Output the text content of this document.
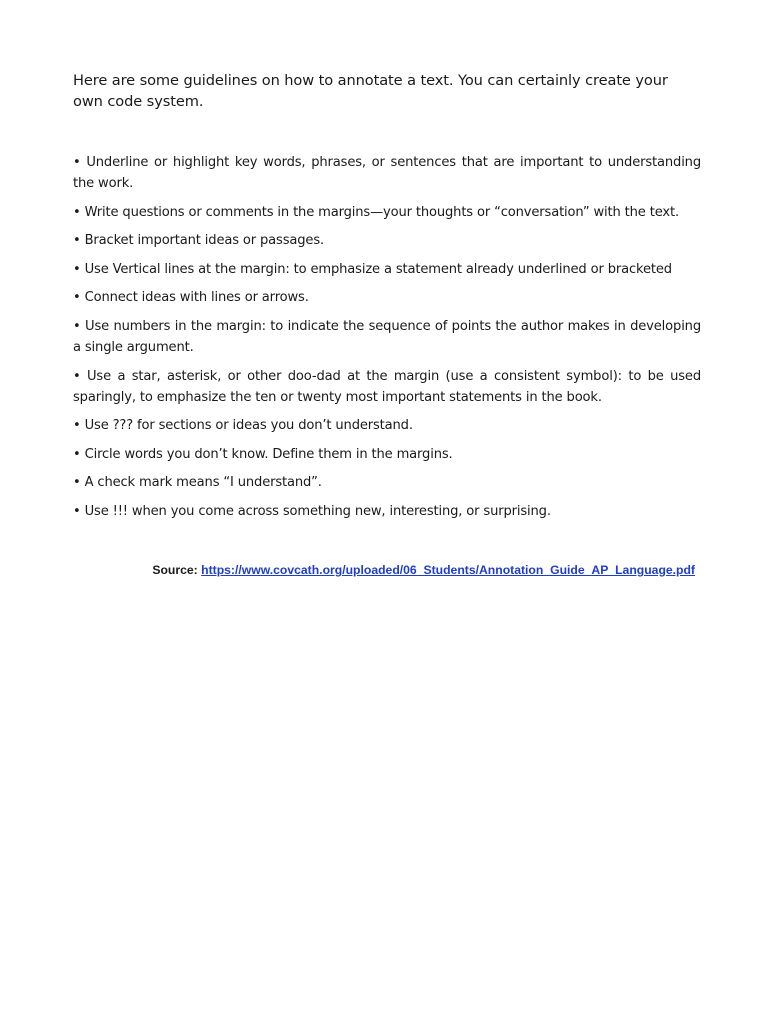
Here are some guidelines on how to annotate a text. You can certainly create your own code system.

• Underline or highlight key words, phrases, or sentences that are important to understanding the work.
• Write questions or comments in the margins—your thoughts or “conversation” with the text.
• Bracket important ideas or passages.
• Use Vertical lines at the margin: to emphasize a statement already underlined or bracketed
• Connect ideas with lines or arrows.
• Use numbers in the margin: to indicate the sequence of points the author makes in developing a single argument.
• Use a star, asterisk, or other doo-dad at the margin (use a consistent symbol): to be used sparingly, to emphasize the ten or twenty most important statements in the book.
• Use ??? for sections or ideas you don’t understand.
• Circle words you don’t know. Define them in the margins.
• A check mark means “I understand”.
• Use !!! when you come across something new, interesting, or surprising.

Source: https://www.covcath.org/uploaded/06_Students/Annotation_Guide_AP_Language.pdf
